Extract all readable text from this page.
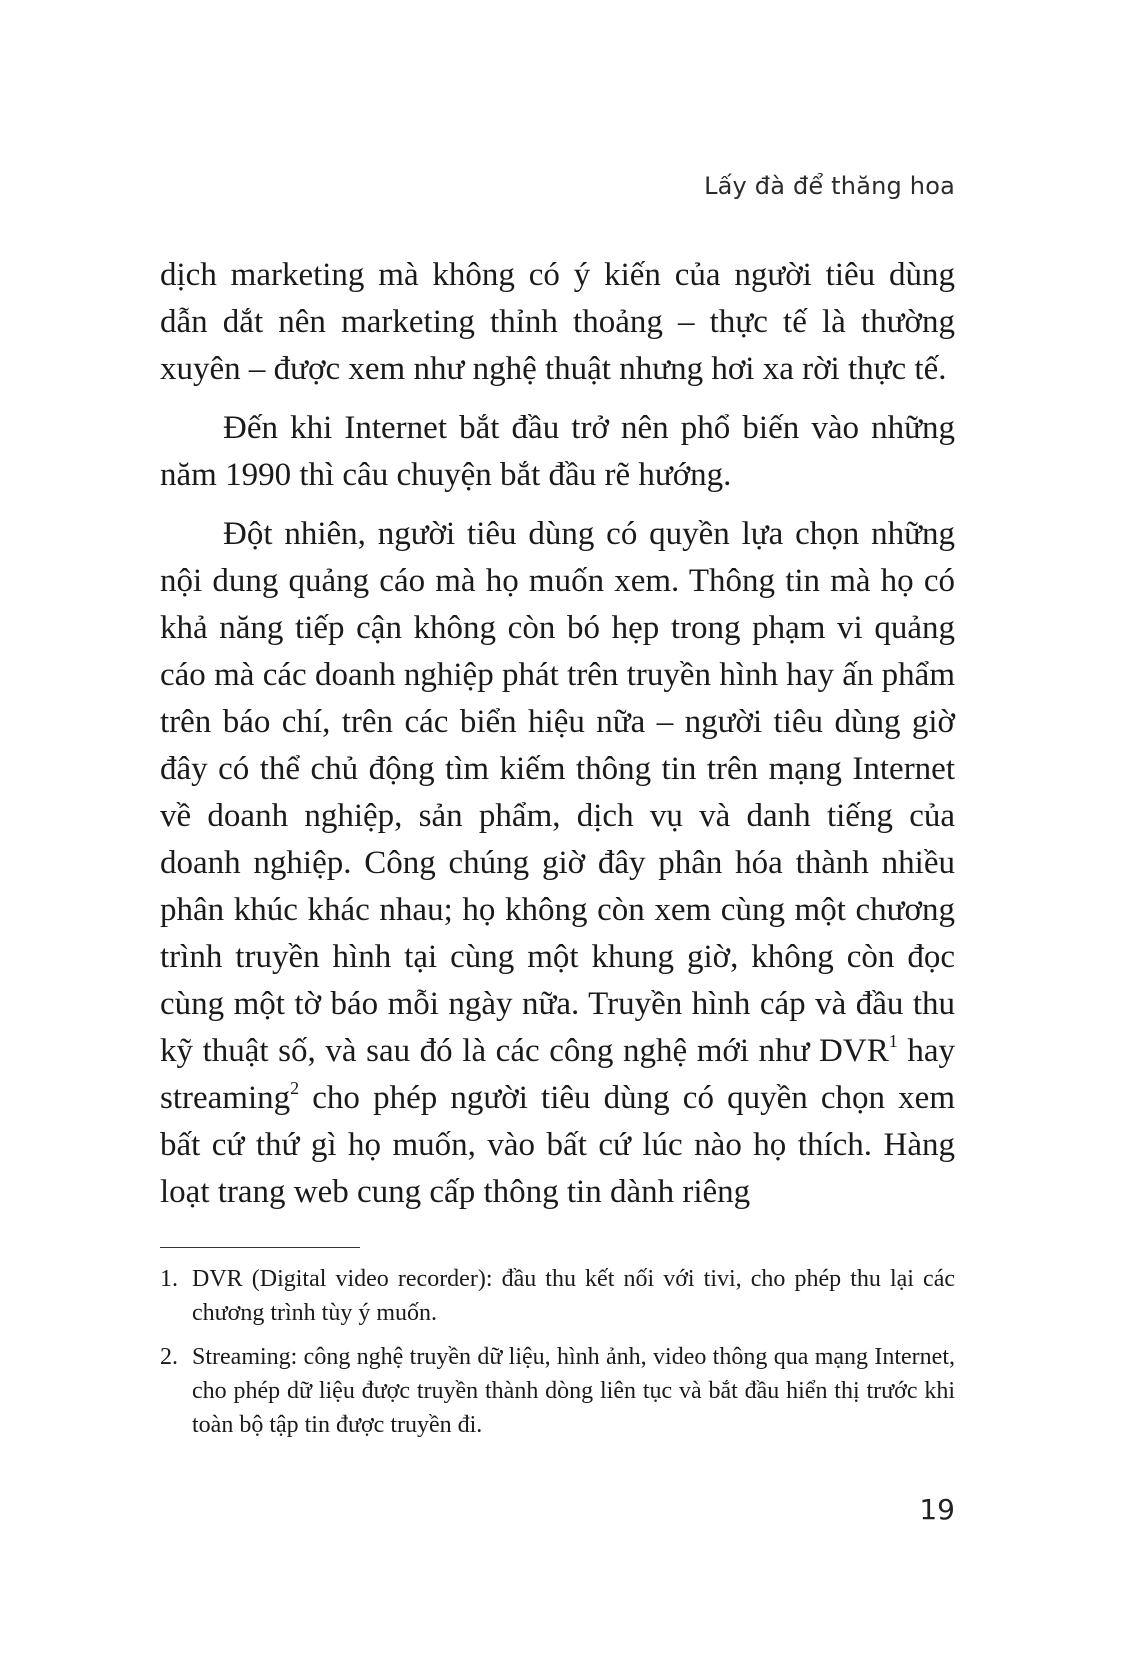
Lấy đà để thăng hoa

dịch marketing mà không có ý kiến của người tiêu dùng dẫn dắt nên marketing thỉnh thoảng – thực tế là thường xuyên – được xem như nghệ thuật nhưng hơi xa rời thực tế.

Đến khi Internet bắt đầu trở nên phổ biến vào những năm 1990 thì câu chuyện bắt đầu rẽ hướng.

Đột nhiên, người tiêu dùng có quyền lựa chọn những nội dung quảng cáo mà họ muốn xem. Thông tin mà họ có khả năng tiếp cận không còn bó hẹp trong phạm vi quảng cáo mà các doanh nghiệp phát trên truyền hình hay ấn phẩm trên báo chí, trên các biển hiệu nữa – người tiêu dùng giờ đây có thể chủ động tìm kiếm thông tin trên mạng Internet về doanh nghiệp, sản phẩm, dịch vụ và danh tiếng của doanh nghiệp. Công chúng giờ đây phân hóa thành nhiều phân khúc khác nhau; họ không còn xem cùng một chương trình truyền hình tại cùng một khung giờ, không còn đọc cùng một tờ báo mỗi ngày nữa. Truyền hình cáp và đầu thu kỹ thuật số, và sau đó là các công nghệ mới như DVR$^1$ hay streaming$^2$ cho phép người tiêu dùng có quyền chọn xem bất cứ thứ gì họ muốn, vào bất cứ lúc nào họ thích. Hàng loạt trang web cung cấp thông tin dành riêng

1. DVR (Digital video recorder): đầu thu kết nối với tivi, cho phép thu lại các chương trình tùy ý muốn.
2. Streaming: công nghệ truyền dữ liệu, hình ảnh, video thông qua mạng Internet, cho phép dữ liệu được truyền thành dòng liên tục và bắt đầu hiển thị trước khi toàn bộ tập tin được truyền đi.
19
